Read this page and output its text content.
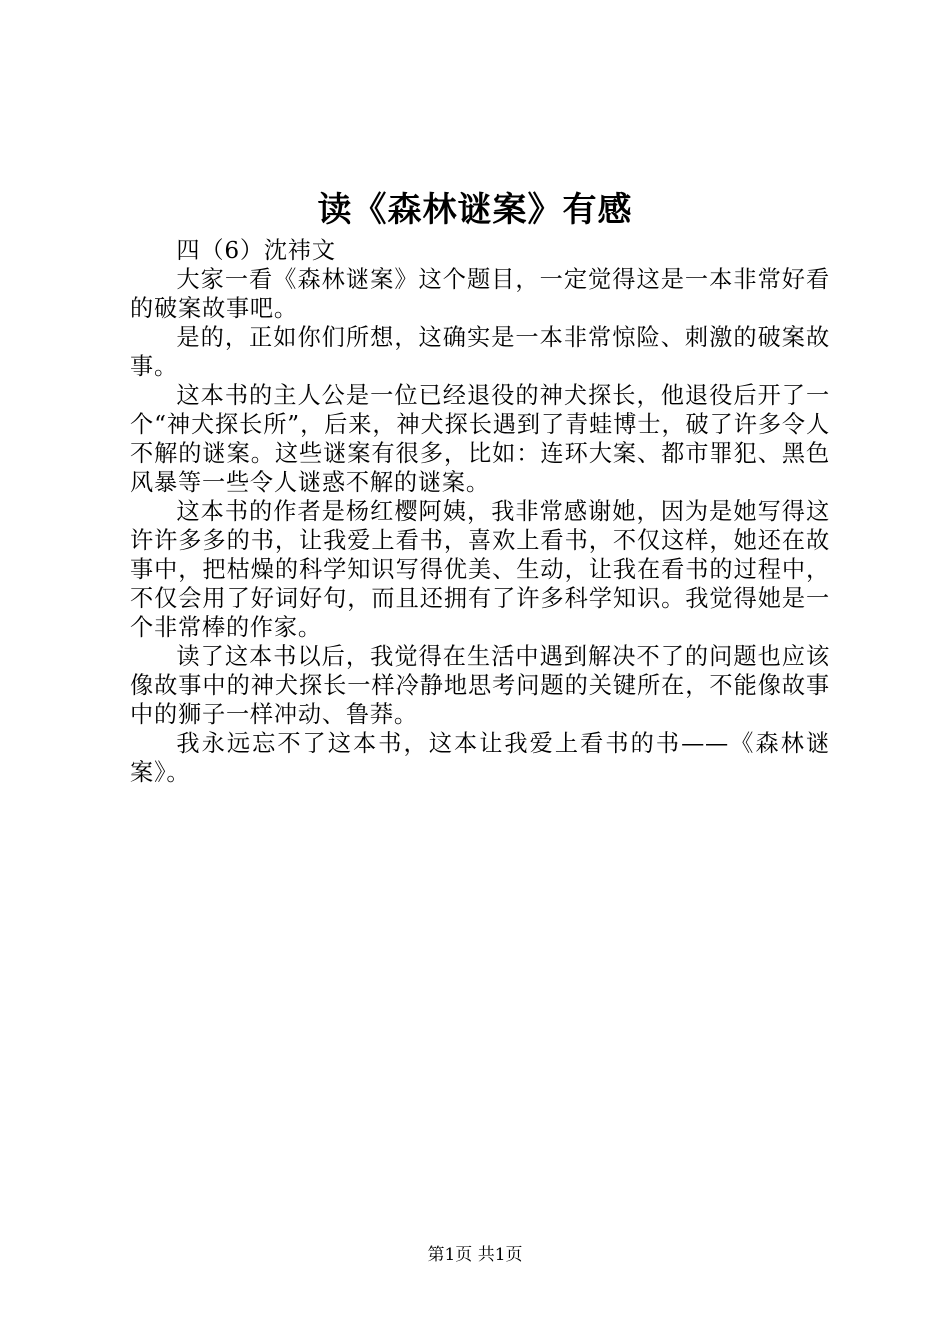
读《森林谜案》有感

四（6）沈祎文

大家一看《森林谜案》这个题目，一定觉得这是一本非常好看的破案故事吧。

是的，正如你们所想，这确实是一本非常惊险、刺激的破案故事。

这本书的主人公是一位已经退役的神犬探长，他退役后开了一个“神犬探长所”，后来，神犬探长遇到了青蛙博士，破了许多令人不解的谜案。这些谜案有很多，比如：连环大案、都市罪犯、黑色风暴等一些令人谜惑不解的谜案。

这本书的作者是杨红樱阿姨，我非常感谢她，因为是她写得这许许多多的书，让我爱上看书，喜欢上看书，不仅这样，她还在故事中，把枯燥的科学知识写得优美、生动，让我在看书的过程中，不仅会用了好词好句，而且还拥有了许多科学知识。我觉得她是一个非常棒的作家。

读了这本书以后，我觉得在生活中遇到解决不了的问题也应该像故事中的神犬探长一样冷静地思考问题的关键所在，不能像故事中的狮子一样冲动、鲁莽。

我永远忘不了这本书，这本让我爱上看书的书——《森林谜案》。

第1页 共1页
